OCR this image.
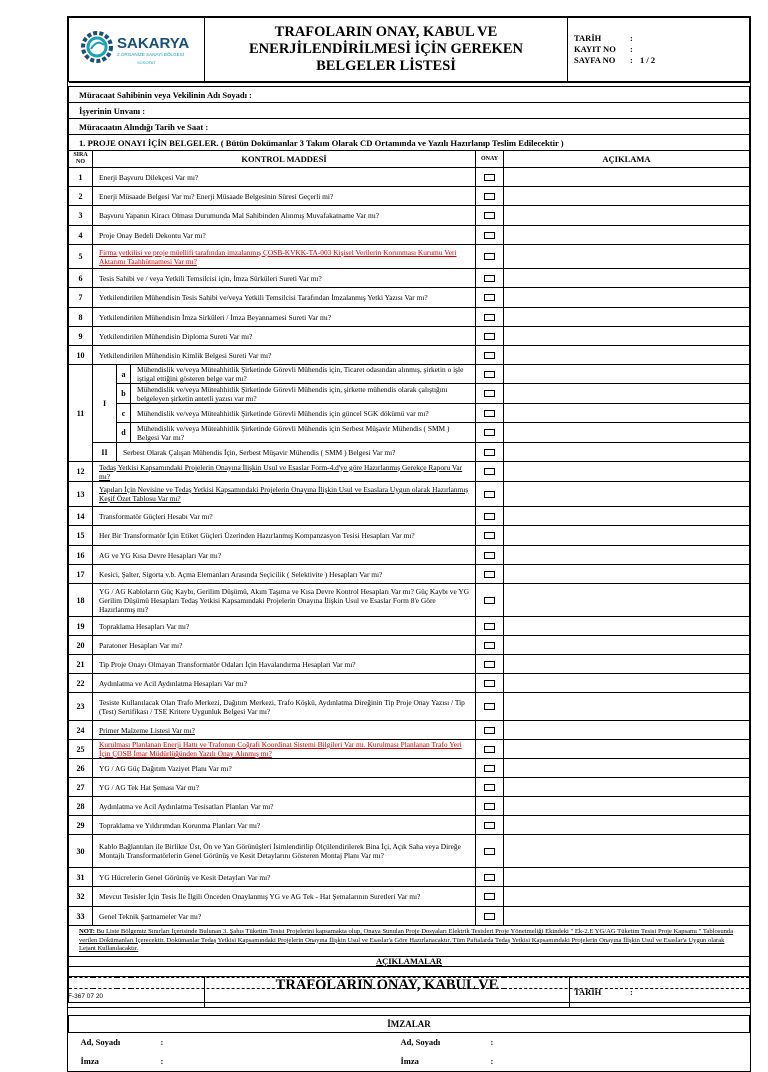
SAKARYA
2.ORGANİZE SANAYİ BÖLGESİ
SOSOTAT

TRAFOLARIN ONAY, KABUL VE
ENERJİLENDİRİLMESİ İÇİN GEREKEN
BELGELER LİSTESİ

TARİH	:
KAYIT NO	:
SAYFA NO	: 1 / 2

Müracaat Sahibinin veya Vekilinin Adı Soyadı :
İşyerinin Unvanı :
Müracaatın Alındığı Tarih ve Saat :
1. PROJE ONAYI İÇİN BELGELER. ( Bütün Dokümanlar 3 Takım Olarak CD Ortamında ve Yazılı Hazırlanıp Teslim Edilecektir )
SIRA NO	KONTROL MADDESİ	ONAY	AÇIKLAMA
1	Enerji Başvuru Dilekçesi Var mı?		
2	Enerji Müsaade Belgesi Var mı? Enerji Müsaade Belgesinin Süresi Geçerli mi?		
3	Başvuru Yapanın Kiracı Olması Durumunda Mal Sahibinden Alınmış Muvafakatname Var mı?		
4	Proje Onay Bedeli Dekontu Var mı?		
5	Firma yetkilisi ve proje müellifi tarafından imzalanmış ÇOSB-KVKK-TA-003 Kişisel Verilerin Korunması Kurumu Veri Aktarımı Taahhütnamesi Var mı?		
6	Tesis Sahibi ve / veya Yetkili Temsilcisi için, İmza Sürküleri Sureti Var mı?		
7	Yetkilendirilen Mühendisin Tesis Sahibi ve/veya Yetkili Temsilcisi Tarafından İmzalanmış Yetki Yazısı Var mı?		
8	Yetkilendirilen Mühendisin İmza Sirküleri / İmza Beyannamesi Sureti Var mı?		
9	Yetkilendirilen Mühendisin Diploma Sureti Var mı?		
10	Yetkilendirilen Mühendisin Kimlik Belgesi Sureti Var mı?		
11	I	a	Mühendislik ve/veya Müteahhitlik Şirketinde Görevli Mühendis için, Ticaret odasından alınmış, şirketin o işle iştigal ettiğini gösteren belge var mı?		
b	Mühendislik ve/veya Müteahhitlik Şirketinde Görevli Mühendis için, şirkette mühendis olarak çalıştığını belgeleyen şirketin antetli yazısı var mı?		
c	Mühendislik ve/veya Müteahhitlik Şirketinde Görevli Mühendis için güncel SGK dökümü var mı?		
d	Mühendislik ve/veya Müteahhitlik Şirketinde Görevli Mühendis için Serbest Müşavir Mühendis ( SMM ) Belgesi Var mı?		
II	Serbest Olarak Çalışan Mühendis İçin, Serbest Müşavir Mühendis ( SMM ) Belgesi Var mı?		
12	Tedaş Yetkisi Kapsamındaki Projelerin Onayına İlişkin Usul ve Esaslar Form-4.d'ye göre Hazırlanmış Gerekçe Raporu Var mı?		
13	Yapıları İçin Nevisine ve Tedaş Yetkisi Kapsamındaki Projelerin Onayına İlişkin Usul ve Esaslara Uygun olarak Hazırlanmış Keşif Özet Tablosu Var mı?		
14	Transformatör Güçleri Hesabı Var mı?		
15	Her Bir Transformatör İçin Etiket Güçleri Üzerinden Hazırlanmış Kompanzasyon Tesisi Hesapları Var mı?		
16	AG ve YG Kısa Devre Hesapları Var mı?		
17	Kesici, Şalter, Sigorta v.b. Açma Elemanları Arasında Seçicilik ( Selektivite ) Hesapları Var mı?		
18	YG / AG Kabloların Güç Kaybı, Gerilim Düşümü, Akım Taşıma ve Kısa Devre Kontrol Hesapları Var mı? Güç Kaybı ve YG Gerilim Düşümü Hesapları Tedaş Yetkisi Kapsamındaki Projelerin Onayına İlişkin Usul ve Esaslar Form 8'e Göre Hazırlanmış mı?		
19	Topraklama Hesapları Var mı?		
20	Paratoner Hesapları Var mı?		
21	Tip Proje Onayı Olmayan Transformatör Odaları İçin Havalandırma Hesapları Var mı?		
22	Aydınlatma ve Acil Aydınlatma Hesapları Var mı?		
23	Tesiste Kullanılacak Olan Trafo Merkezi, Dağıtım Merkezi, Trafo Köşkü, Aydınlatma Direğinin Tip Proje Onay Yazısı / Tip (Test) Sertifikası / TSE Kritere Uygunluk Belgesi Var mı?		
24	Primer Malzeme Listesi Var mı?		
25	Kurulması Planlanan Enerji Hattı ve Trafonun Coğrafi Koordinat Sistemi Bilgileri Var mı. Kurulması Planlanan Trafo Yeri İçin ÇOSB İmar Müdürlüğünden Yazılı Onay Alınmış mı?		
26	YG / AG Güç Dağıtım Vaziyet Planı Var mı?		
27	YG / AG Tek Hat Şeması Var mı?		
28	Aydınlatma ve Acil Aydınlatma Tesisatları Planları Var mı?		
29	Topraklama ve Yıldırımdan Korunma Planları Var mı?		
30	Kablo Bağlantıları ile Birlikte Üst, Ön ve Yan Görünüşleri İsimlendirilip Ölçülendirilerek Bina İçi, Açık Saha veya Direğe Montajlı Transformatörlerin Genel Görünüş ve Kesit Detaylarını Gösteren Montaj Planı Var mı?		
31	YG Hücrelerin Genel Görünüş ve Kesit Detayları Var mı?		
32	Mevcut Tesisler İçin Tesis İle İlgili Önceden Onaylanmış YG ve AG Tek - Hat Şemalarının Suretleri Var mı?		
33	Genel Teknik Şartnameler Var mı?		
NOT: Bu Liste Bölgemiz Sınırları İçerisinde Bulunan 3. Şahıs Tüketim Tesisi Projelerini kapsamakta olup, Onaya Sunulan Proje Dosyaları Elektrik Tesisleri Proje Yönetmeliği Ekindeki " Ek-2.E YG/AG Tüketim Tesisi Proje Kapsamı " Tablosunda verilen Dokümanları İçerecektir. Dokümanlar Tedaş Yetkisi Kapsamındaki Projelerin Onayına İlişkin Usul ve Esaslar'a Göre Hazırlanacaktır. Tüm Paftalarda Tedaş Yetkisi Kapsamındaki Projelerin Onayına İlişkin Usul ve Esaslar'a Uygun olarak Lejant Kullanılacaktır.
AÇIKLAMALAR

İMZALAR

Ad, Soyadı	:	Ad, Soyadı	:
İmza	:	İmza	:
TRAFOLARIN ONAY, KABUL VE	TARİH	:
F-367 07 20
